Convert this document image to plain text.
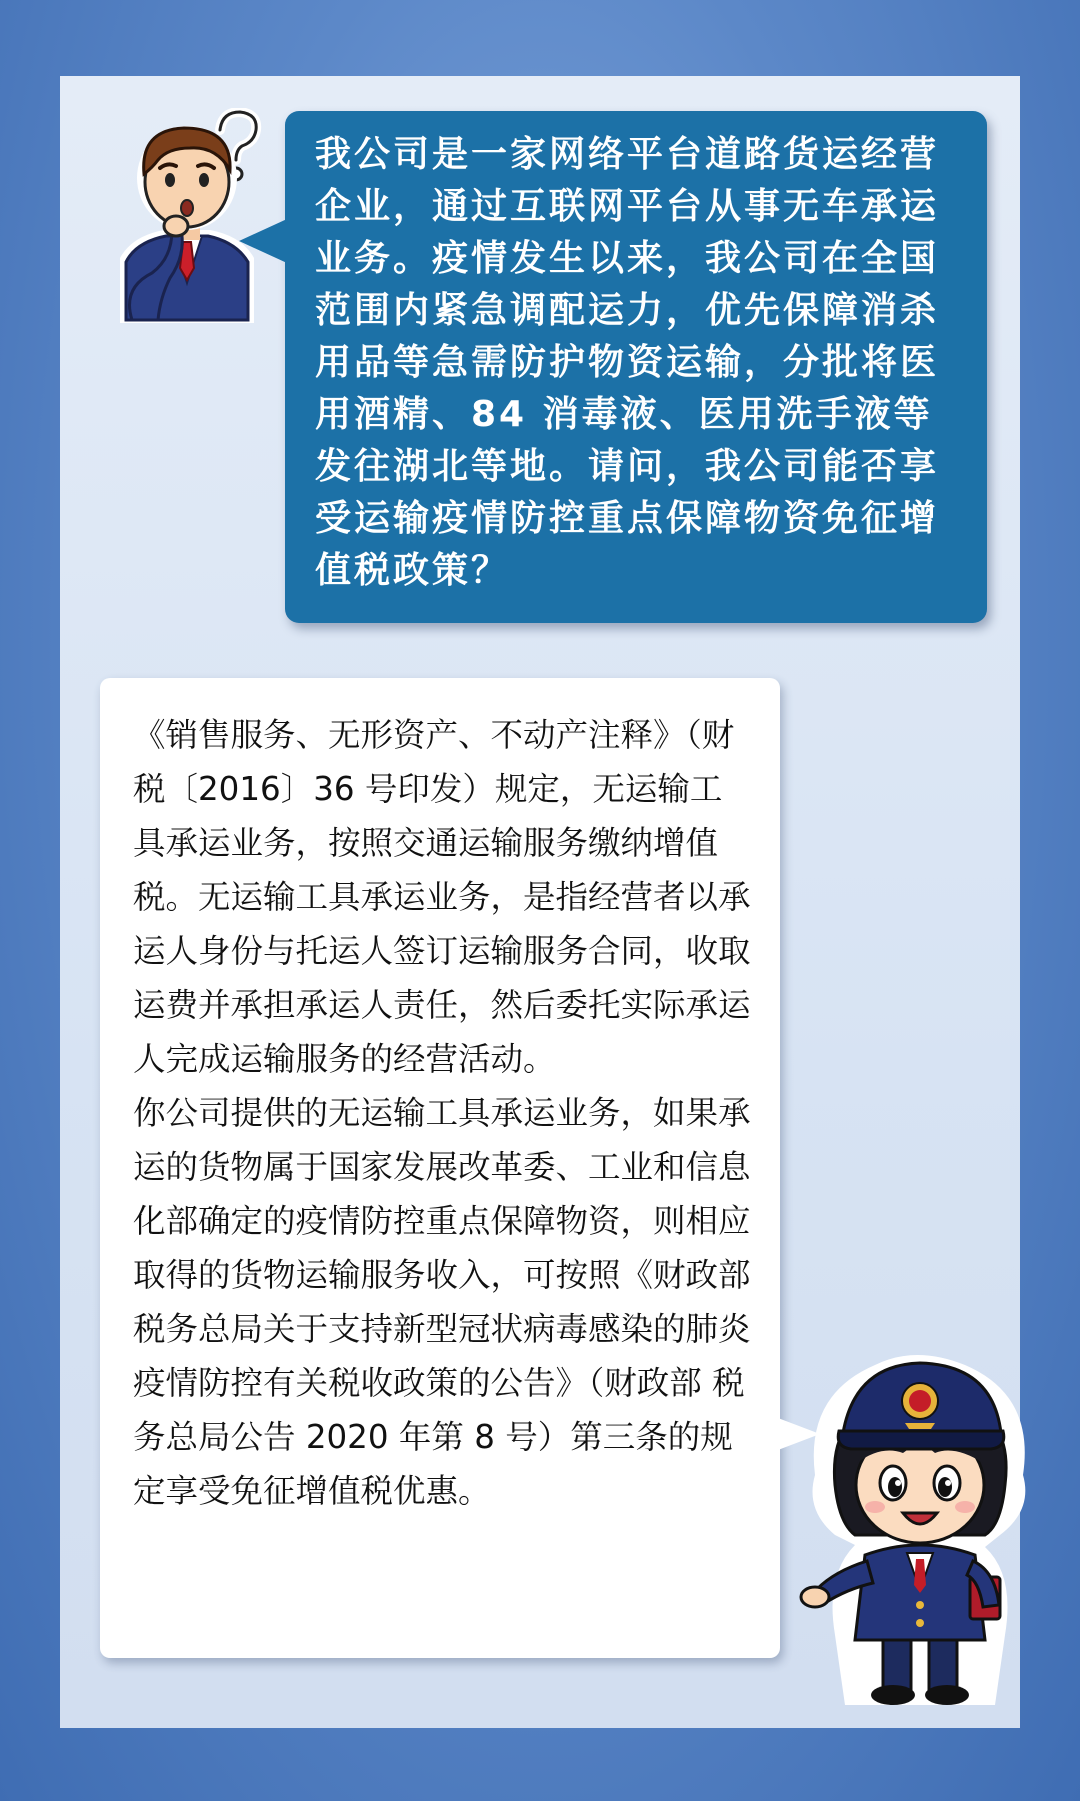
我公司是一家网络平台道路货运经营企业，通过互联网平台从事无车承运业务。疫情发生以来，我公司在全国范围内紧急调配运力，优先保障消杀用品等急需防护物资运输，分批将医用酒精、84 消毒液、医用洗手液等发往湖北等地。请问，我公司能否享受运输疫情防控重点保障物资免征增值税政策？

《销售服务、无形资产、不动产注释》（财税〔2016〕36 号印发）规定，无运输工具承运业务，按照交通运输服务缴纳增值税。无运输工具承运业务，是指经营者以承运人身份与托运人签订运输服务合同，收取运费并承担承运人责任，然后委托实际承运人完成运输服务的经营活动。

你公司提供的无运输工具承运业务，如果承运的货物属于国家发展改革委、工业和信息化部确定的疫情防控重点保障物资，则相应取得的货物运输服务收入，可按照《财政部 税务总局关于支持新型冠状病毒感染的肺炎疫情防控有关税收政策的公告》（财政部 税务总局公告 2020 年第 8 号）第三条的规定享受免征增值税优惠。
